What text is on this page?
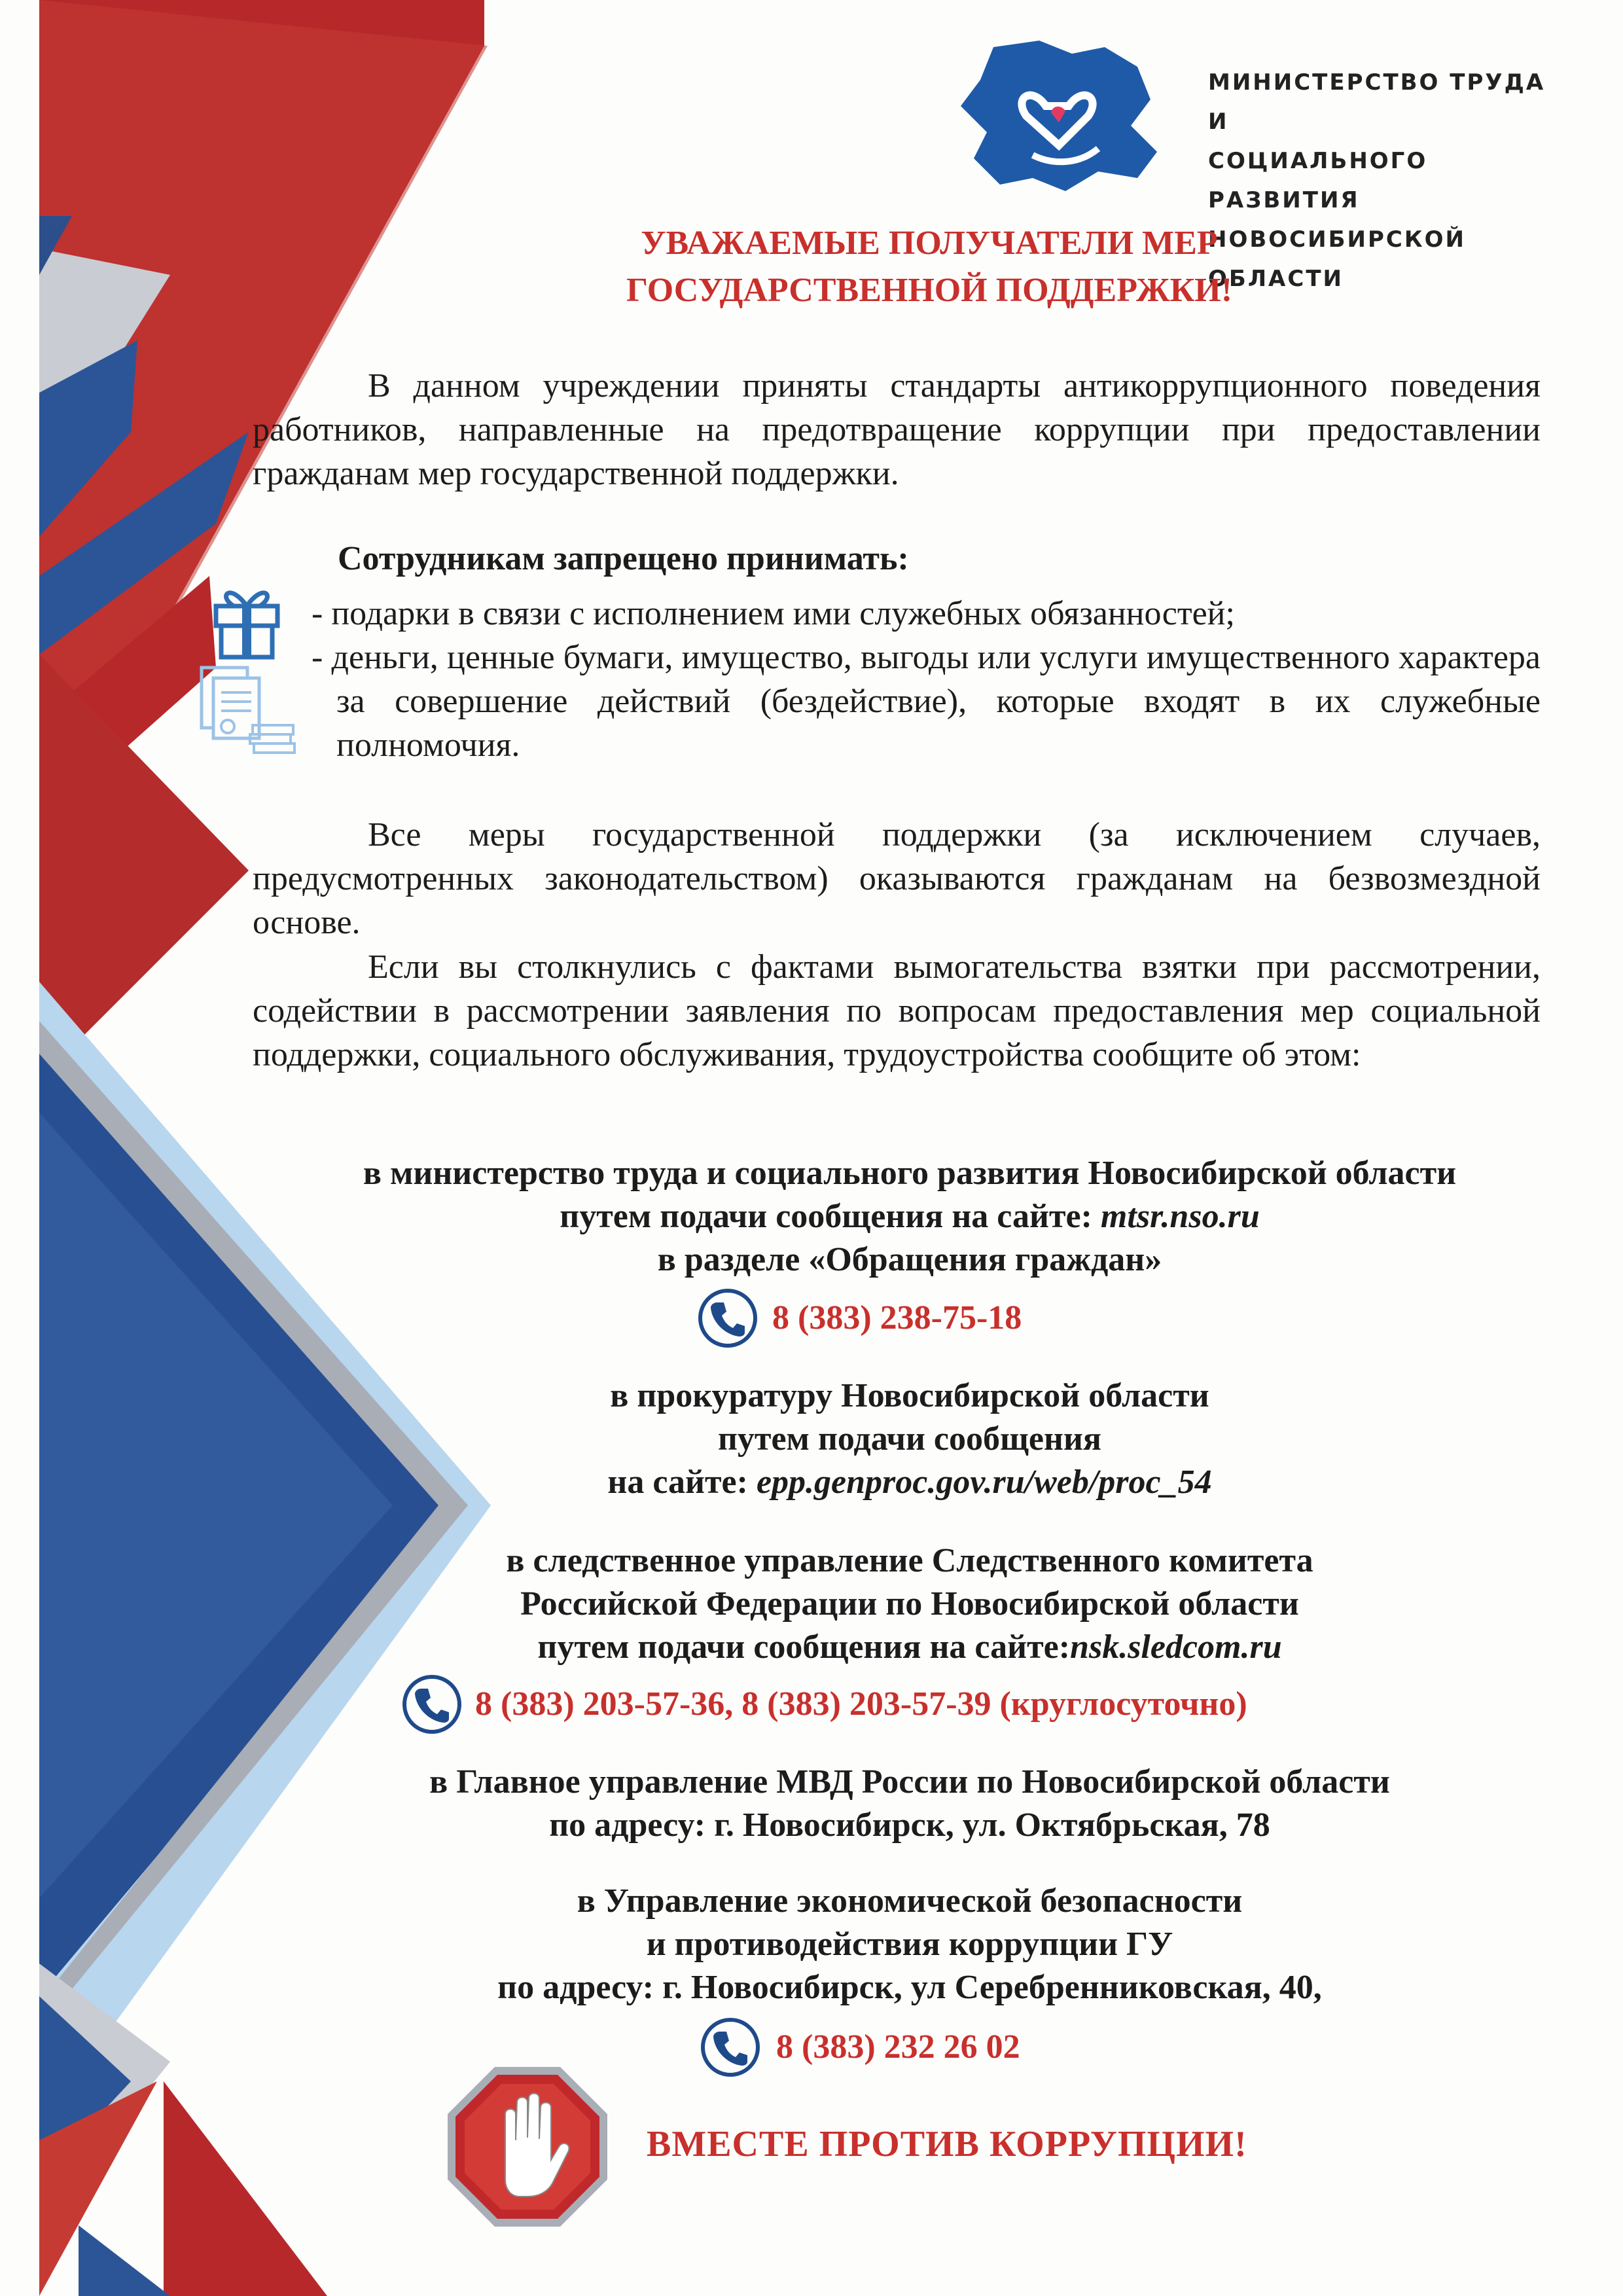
МИНИСТЕРСТВО ТРУДА И
СОЦИАЛЬНОГО РАЗВИТИЯ
НОВОСИБИРСКОЙ ОБЛАСТИ
УВАЖАЕМЫЕ ПОЛУЧАТЕЛИ МЕР
ГОСУДАРСТВЕННОЙ ПОДДЕРЖКИ!
В данном учреждении приняты стандарты антикоррупционного поведения работников, направленные на предотвращение коррупции при предоставлении гражданам мер государственной поддержки.
Сотрудникам запрещено принимать:
- подарки в связи с исполнением ими служебных обязанностей;
- деньги, ценные бумаги, имущество, выгоды или услуги имущественного характера за совершение действий (бездействие), которые входят в их служебные полномочия.
Все меры государственной поддержки (за исключением случаев, предусмотренных законодательством) оказываются гражданам на безвозмездной основе.
Если вы столкнулись с фактами вымогательства взятки при рассмотрении, содействии в рассмотрении заявления по вопросам предоставления мер социальной поддержки, социального обслуживания, трудоустройства сообщите об этом:
в министерство труда и социального развития Новосибирской области
путем подачи сообщения на сайте: mtsr.nso.ru
в разделе «Обращения граждан»
8 (383) 238-75-18
в прокуратуру Новосибирской области
путем подачи сообщения
на сайте: epp.genproc.gov.ru/web/proc_54
в следственное управление Следственного комитета
Российской Федерации по Новосибирской области
путем подачи сообщения на сайте:nsk.sledcom.ru
8 (383) 203-57-36, 8 (383) 203-57-39 (круглосуточно)
в Главное управление МВД России по Новосибирской области
по адресу: г. Новосибирск, ул. Октябрьская, 78
в Управление экономической безопасности
и противодействия коррупции ГУ
по адресу: г. Новосибирск, ул Серебренниковская, 40,
8 (383) 232 26 02
ВМЕСТЕ ПРОТИВ КОРРУПЦИИ!
